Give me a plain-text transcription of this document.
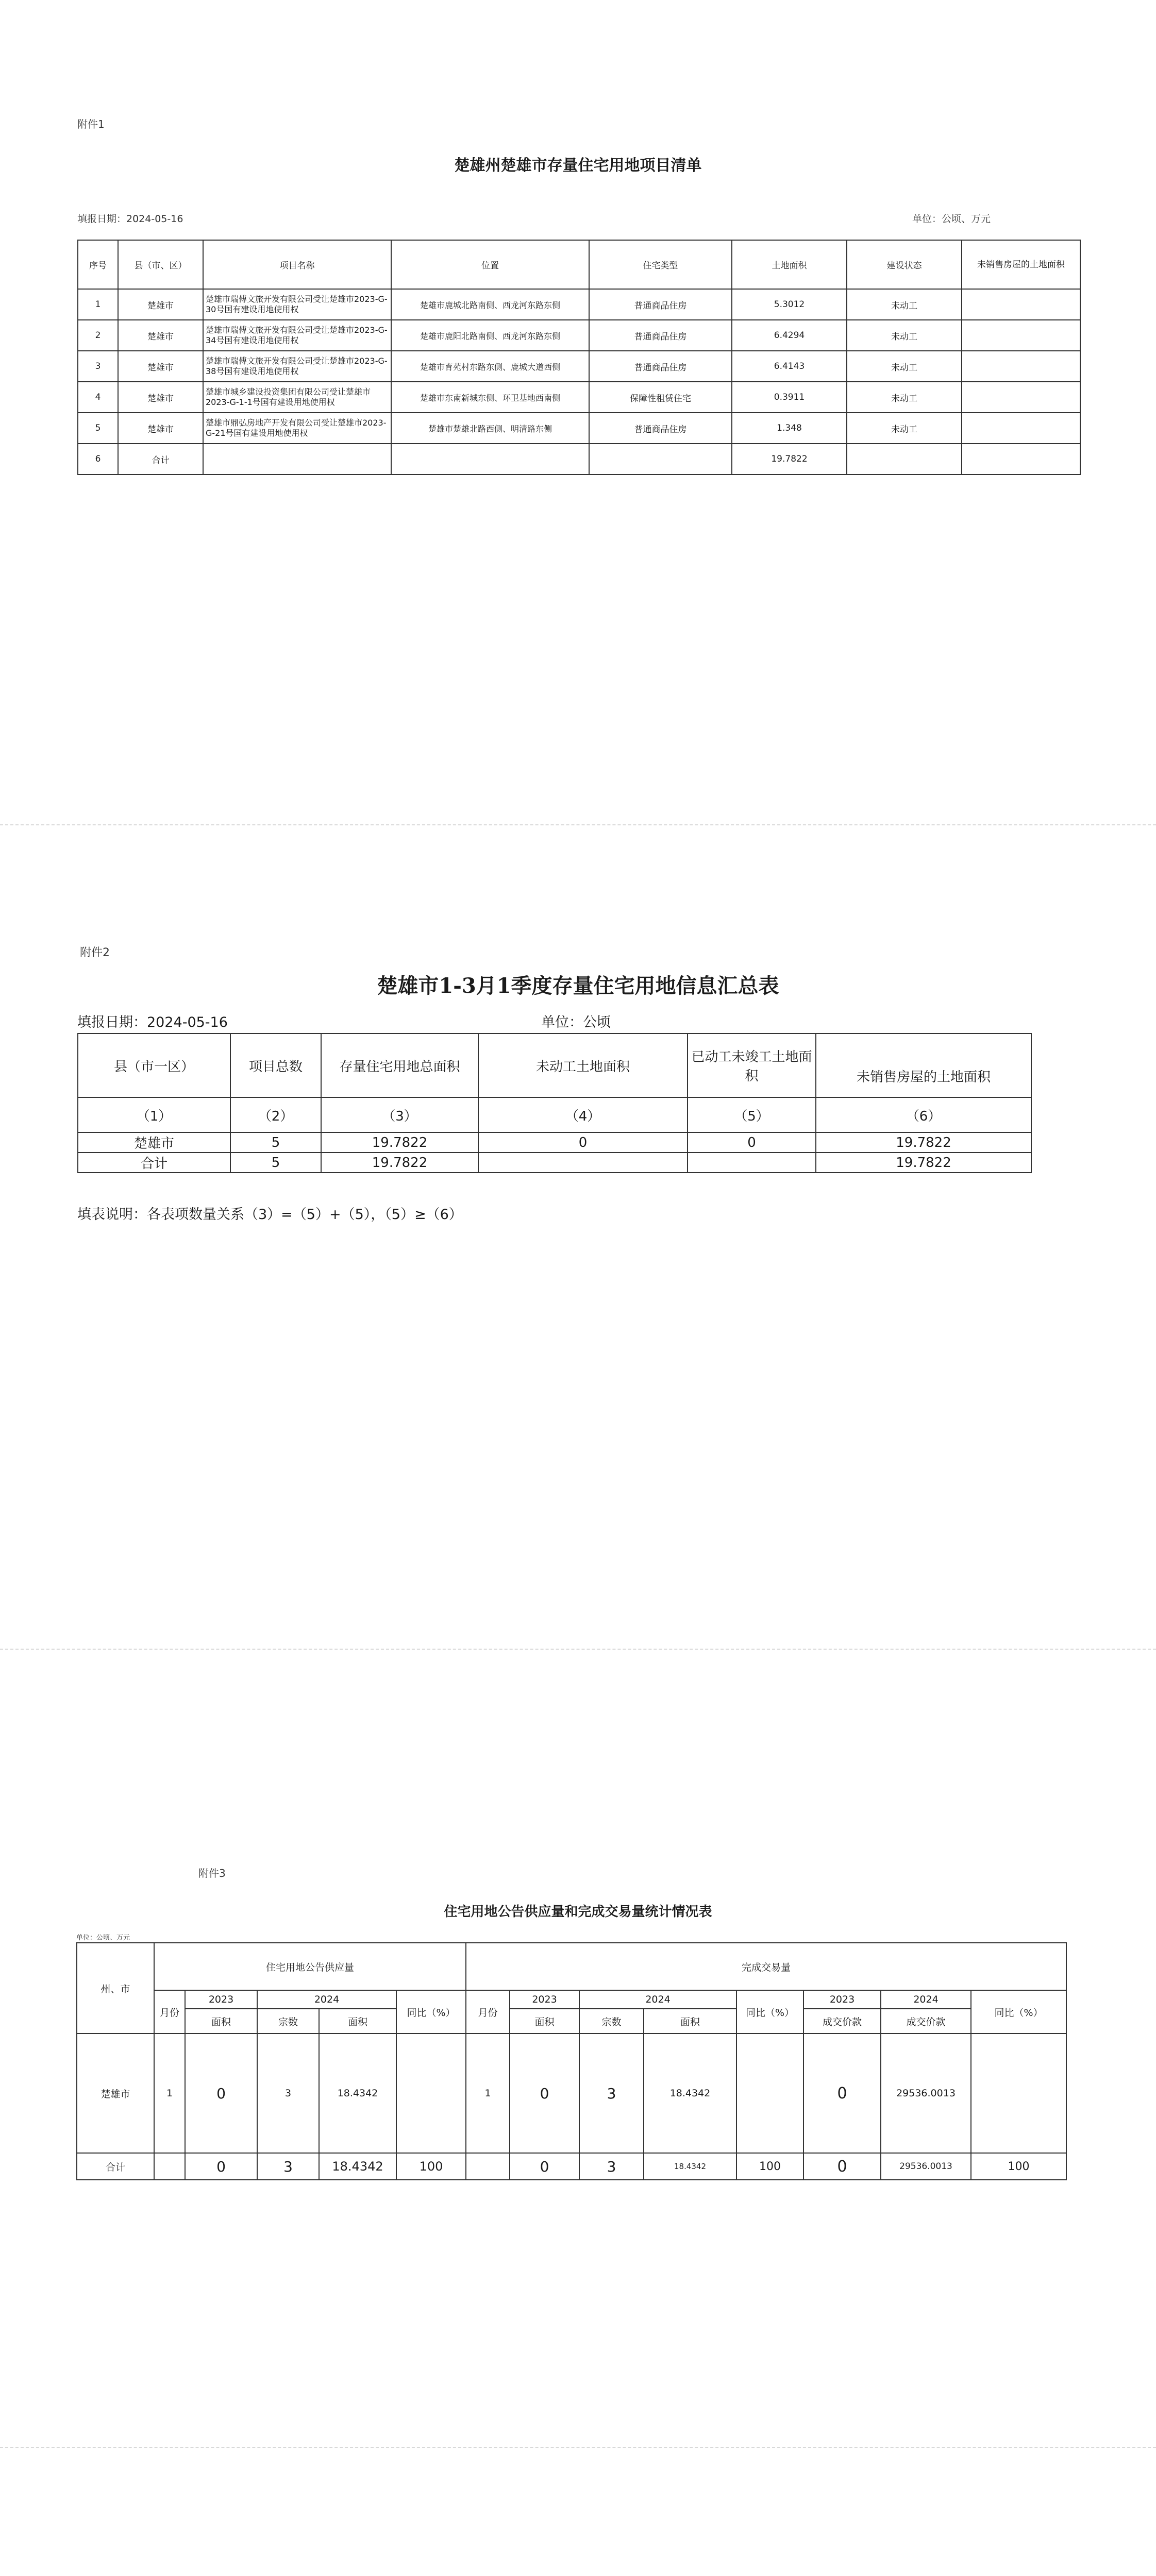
附件1
楚雄州楚雄市存量住宅用地项目清单
填报日期：2024-05-16	单位：公顷、万元
序号	县（市、区）	项目名称	位置	住宅类型	土地面积	建设状态	未销售房屋的土地面积
1	楚雄市	楚雄市瑞傅文旅开发有限公司受让楚雄市2023-G-30号国有建设用地使用权	楚雄市鹿城北路南侧、西龙河东路东侧	普通商品住房	5.3012	未动工	
2	楚雄市	楚雄市瑞傅文旅开发有限公司受让楚雄市2023-G-34号国有建设用地使用权	楚雄市鹿阳北路南侧、西龙河东路东侧	普通商品住房	6.4294	未动工	
3	楚雄市	楚雄市瑞傅文旅开发有限公司受让楚雄市2023-G-38号国有建设用地使用权	楚雄市育苑村东路东侧、鹿城大道西侧	普通商品住房	6.4143	未动工	
4	楚雄市	楚雄市城乡建设投资集团有限公司受让楚雄市2023-G-1-1号国有建设用地使用权	楚雄市东南新城东侧、环卫基地西南侧	保障性租赁住宅	0.3911	未动工	
5	楚雄市	楚雄市鼎弘房地产开发有限公司受让楚雄市2023-G-21号国有建设用地使用权	楚雄市楚雄北路西侧、明清路东侧	普通商品住房	1.348	未动工	
6	合计				19.7822		
附件2
楚雄市1-3月1季度存量住宅用地信息汇总表
填报日期：2024-05-16	单位：公顷
县（市一区）	项目总数	存量住宅用地总面积	未动工土地面积	已动工未竣工土地面积	
					未销售房屋的土地面积
（1）	（2）	（3）	（4）	（5）	（6）
楚雄市	5	19.7822	0	0	19.7822
合计	5	19.7822			19.7822
填表说明：各表项数量关系（3）=（5）+（5），（5）≥（6）
附件3
住宅用地公告供应量和完成交易量统计情况表
单位：公顷、万元
州、市	住宅用地公告供应量					完成交易量							
	月份	2023	2024		同比（%）	月份	2023	2024		同比（%）	2023	2024	同比（%）
		面积	宗数	面积			面积	宗数	面积		成交价款	成交价款	

楚雄市	1	0	3	18.4342		1	0	3	18.4342		0	29536.0013	
合计		0	3	18.4342	100		0	3	18.4342	100	0	29536.0013	100
